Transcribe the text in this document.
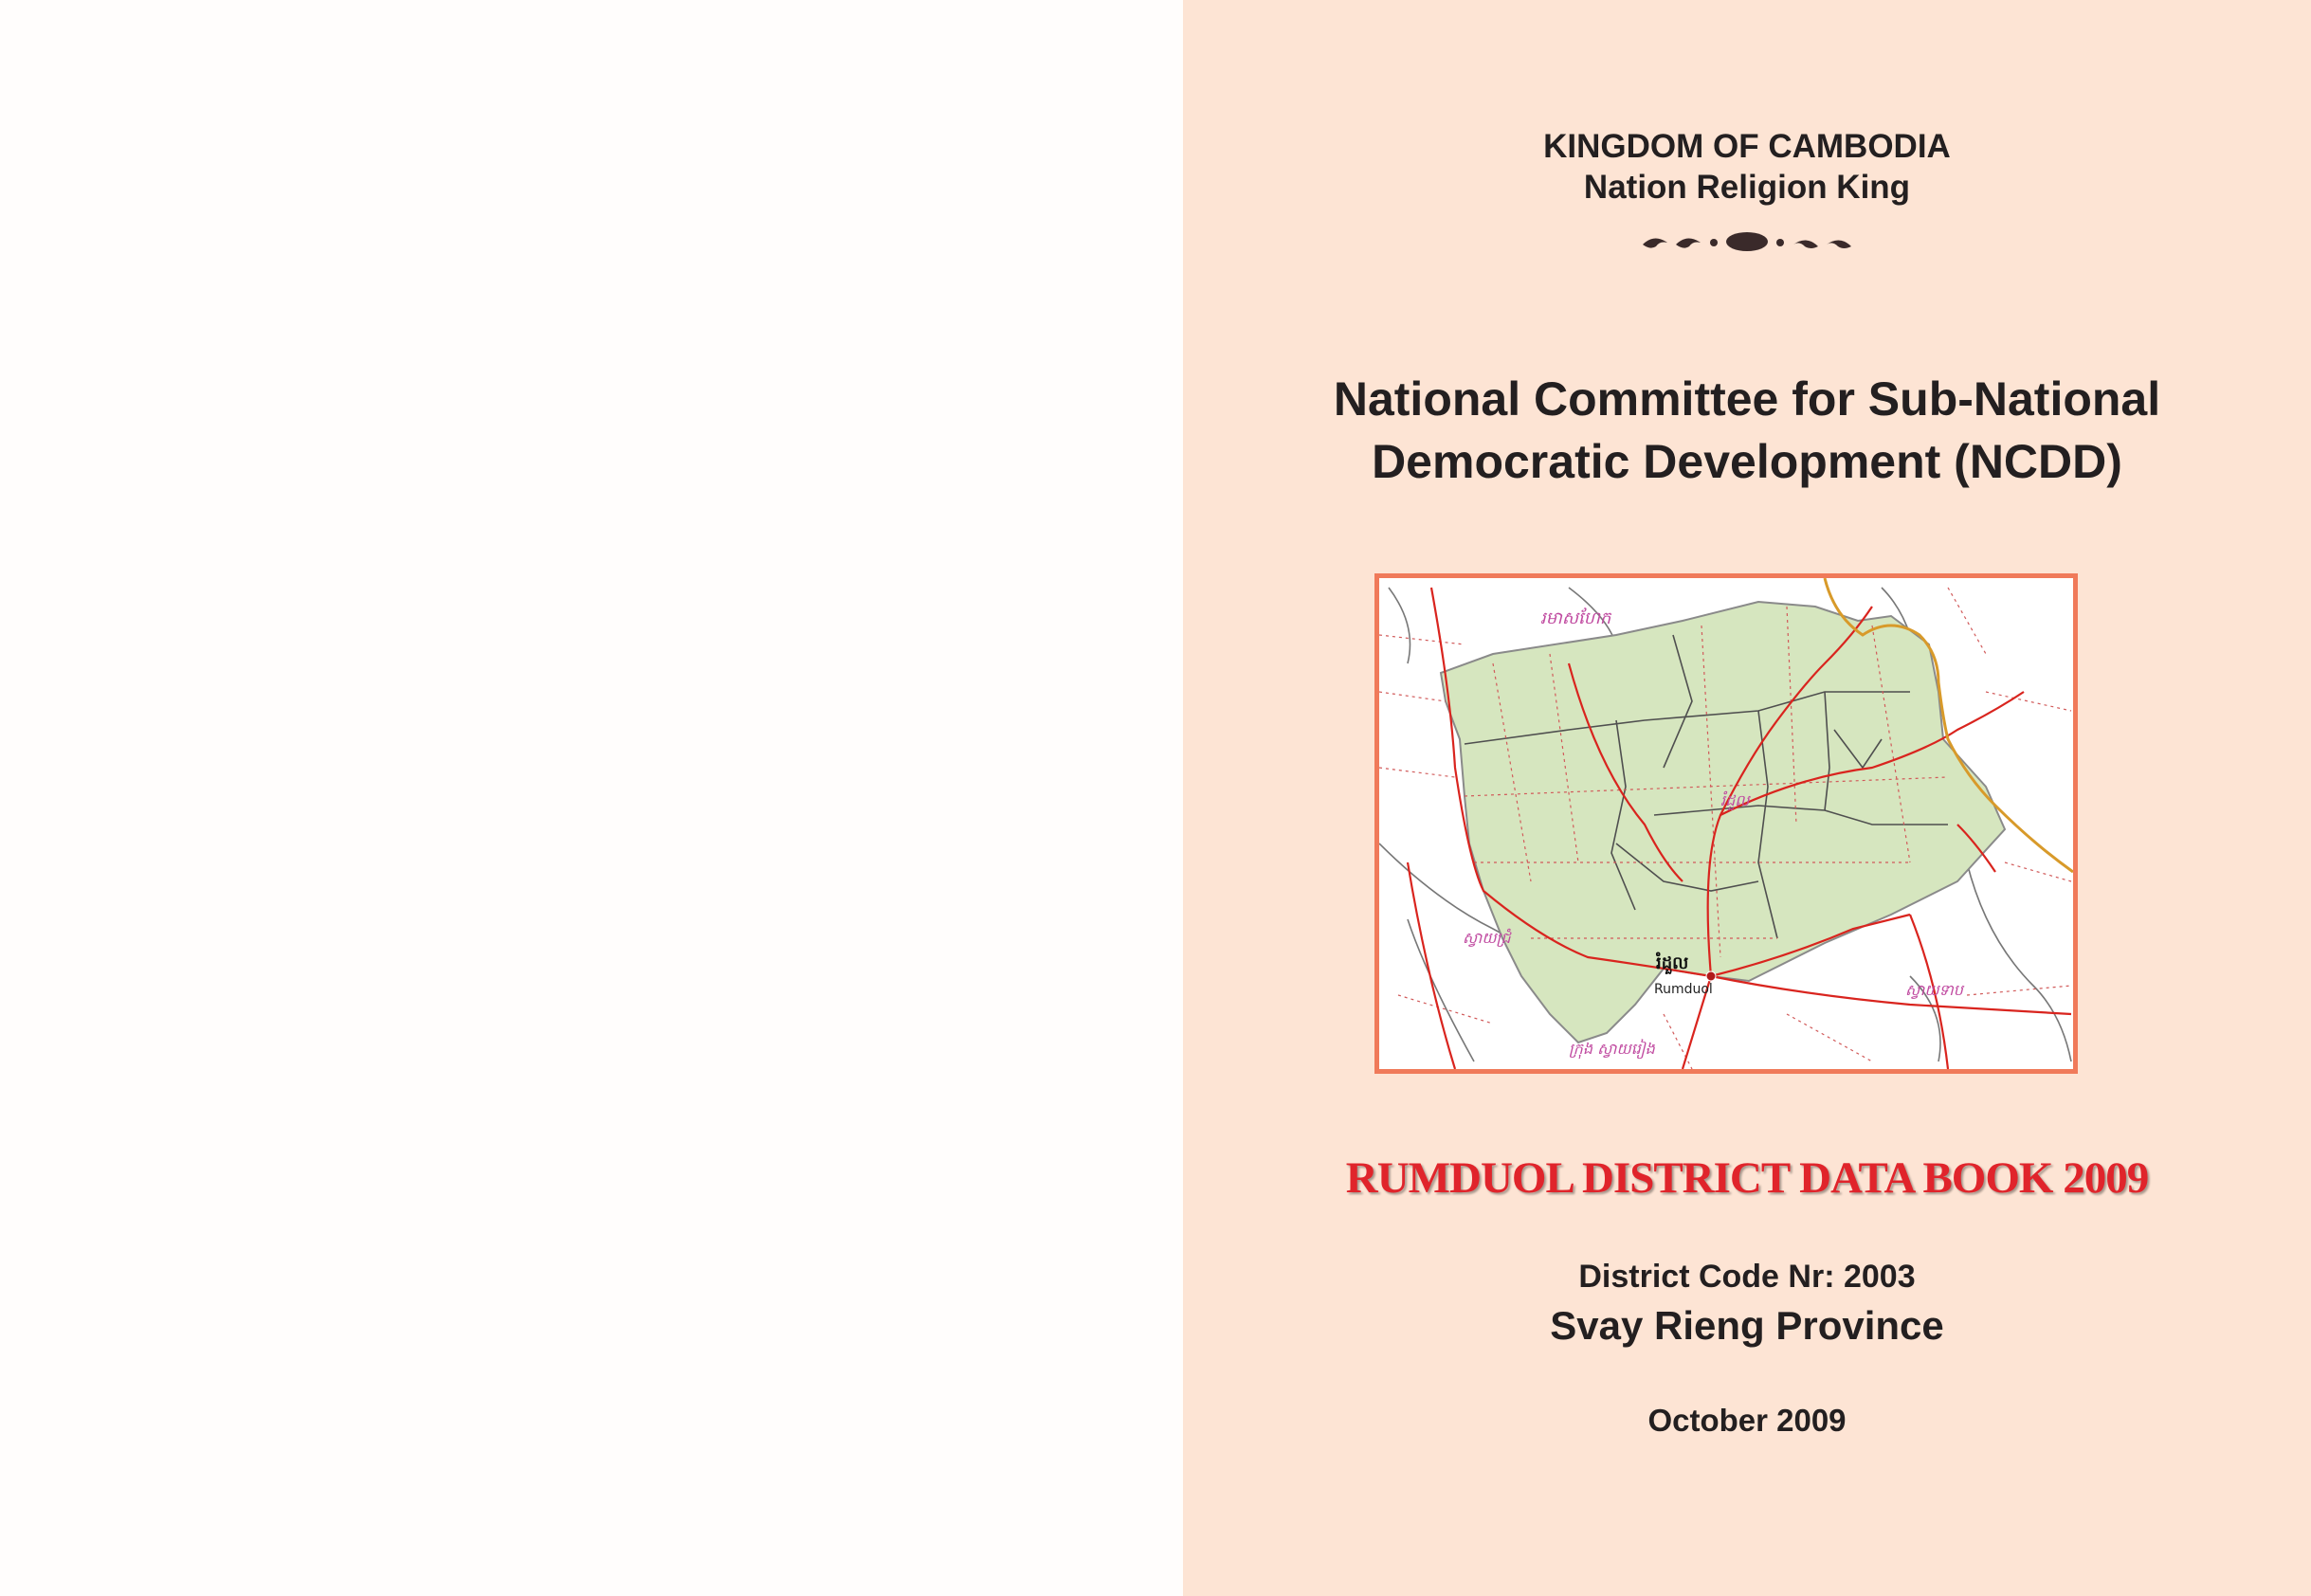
KINGDOM OF CAMBODIA
Nation Religion King
National Committee for Sub-National
Democratic Development (NCDD)
រមាសហែក
រំដួល
ស្វាយជ្រំ
ស្វាយទាប
ក្រុង ស្វាយរៀង
រំដួល
Rumduol
RUMDUOL DISTRICT DATA BOOK 2009
District Code Nr: 2003
Svay Rieng Province
October 2009
